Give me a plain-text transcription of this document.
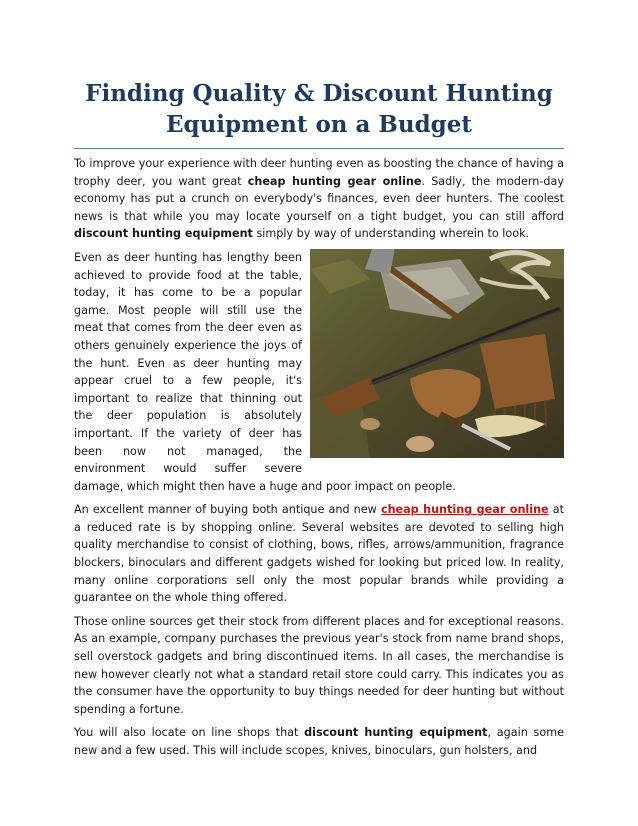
Finding Quality & Discount Hunting
Equipment on a Budget

To improve your experience with deer hunting even as boosting the chance of having a trophy deer, you want great cheap hunting gear online. Sadly, the modern-day economy has put a crunch on everybody's finances, even deer hunters. The coolest news is that while you may locate yourself on a tight budget, you can still afford discount hunting equipment simply by way of understanding wherein to look.

Even as deer hunting has lengthy been achieved to provide food at the table, today, it has come to be a popular game. Most people will still use the meat that comes from the deer even as others genuinely experience the joys of the hunt. Even as deer hunting may appear cruel to a few people, it's important to realize that thinning out the deer population is absolutely important. If the variety of deer has been now not managed, the environment would suffer severe damage, which might then have a huge and poor impact on people.

An excellent manner of buying both antique and new cheap hunting gear online at a reduced rate is by shopping online. Several websites are devoted to selling high quality merchandise to consist of clothing, bows, rifles, arrows/ammunition, fragrance blockers, binoculars and different gadgets wished for looking but priced low. In reality, many online corporations sell only the most popular brands while providing a guarantee on the whole thing offered.

Those online sources get their stock from different places and for exceptional reasons. As an example, company purchases the previous year's stock from name brand shops, sell overstock gadgets and bring discontinued items. In all cases, the merchandise is new however clearly not what a standard retail store could carry. This indicates you as the consumer have the opportunity to buy things needed for deer hunting but without spending a fortune.

You will also locate on line shops that discount hunting equipment, again some new and a few used. This will include scopes, knives, binoculars, gun holsters, and
